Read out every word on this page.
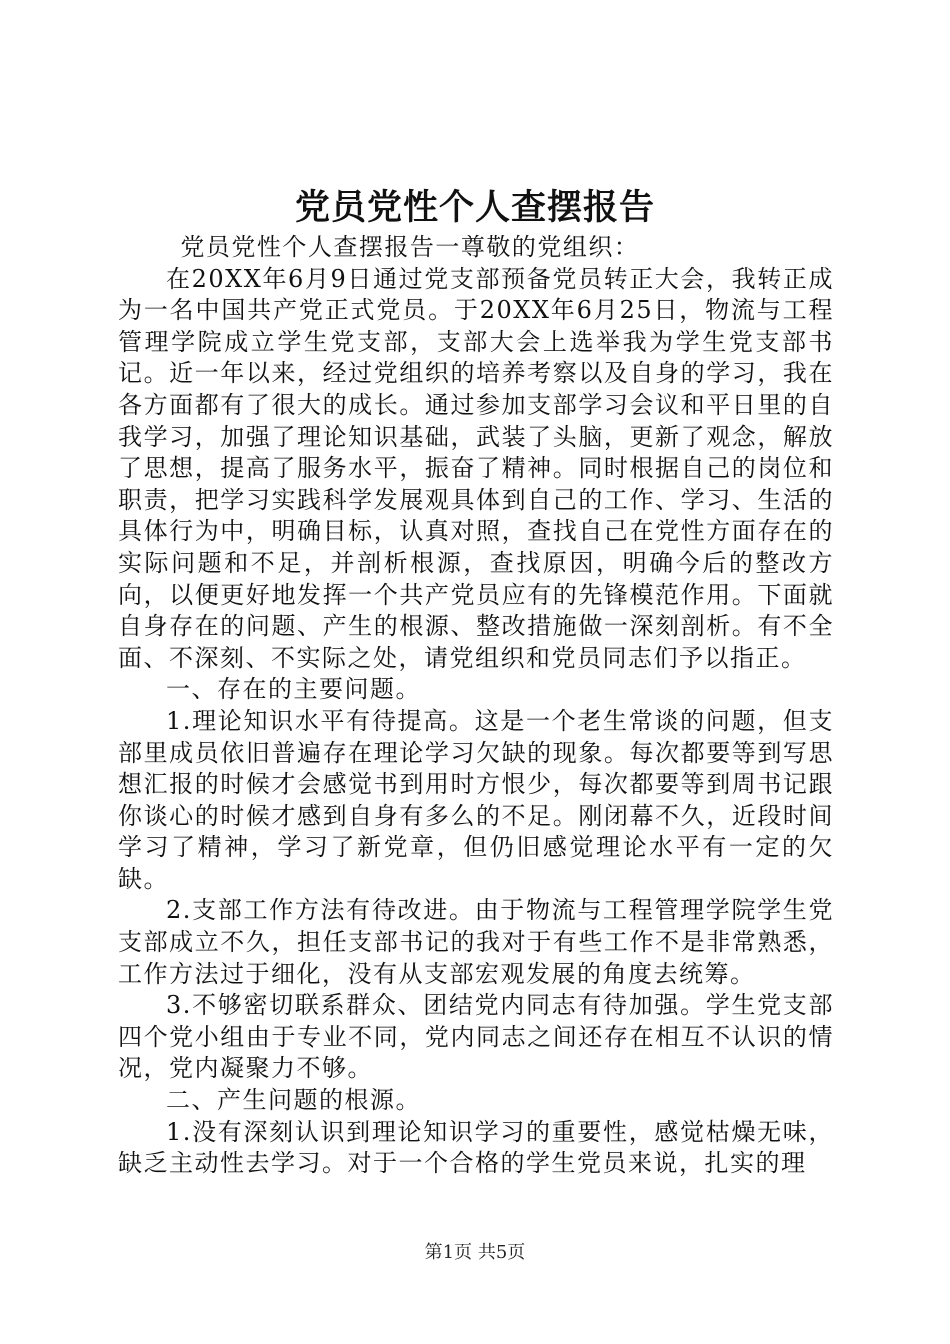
党员党性个人查摆报告

党员党性个人查摆报告一尊敬的党组织：

在20XX年6月9日通过党支部预备党员转正大会，我转正成为一名中国共产党正式党员。于20XX年6月25日，物流与工程管理学院成立学生党支部，支部大会上选举我为学生党支部书记。近一年以来，经过党组织的培养考察以及自身的学习，我在各方面都有了很大的成长。通过参加支部学习会议和平日里的自我学习，加强了理论知识基础，武装了头脑，更新了观念，解放了思想，提高了服务水平，振奋了精神。同时根据自己的岗位和职责，把学习实践科学发展观具体到自己的工作、学习、生活的具体行为中，明确目标，认真对照，查找自己在党性方面存在的实际问题和不足，并剖析根源，查找原因，明确今后的整改方向，以便更好地发挥一个共产党员应有的先锋模范作用。下面就自身存在的问题、产生的根源、整改措施做一深刻剖析。有不全面、不深刻、不实际之处，请党组织和党员同志们予以指正。

一、存在的主要问题。

1.理论知识水平有待提高。这是一个老生常谈的问题，但支部里成员依旧普遍存在理论学习欠缺的现象。每次都要等到写思想汇报的时候才会感觉书到用时方恨少，每次都要等到周书记跟你谈心的时候才感到自身有多么的不足。刚闭幕不久，近段时间学习了精神，学习了新党章，但仍旧感觉理论水平有一定的欠缺。

2.支部工作方法有待改进。由于物流与工程管理学院学生党支部成立不久，担任支部书记的我对于有些工作不是非常熟悉，工作方法过于细化，没有从支部宏观发展的角度去统筹。

3.不够密切联系群众、团结党内同志有待加强。学生党支部四个党小组由于专业不同，党内同志之间还存在相互不认识的情况，党内凝聚力不够。

二、产生问题的根源。

1.没有深刻认识到理论知识学习的重要性，感觉枯燥无味，缺乏主动性去学习。对于一个合格的学生党员来说，扎实的理

第1页 共5页
